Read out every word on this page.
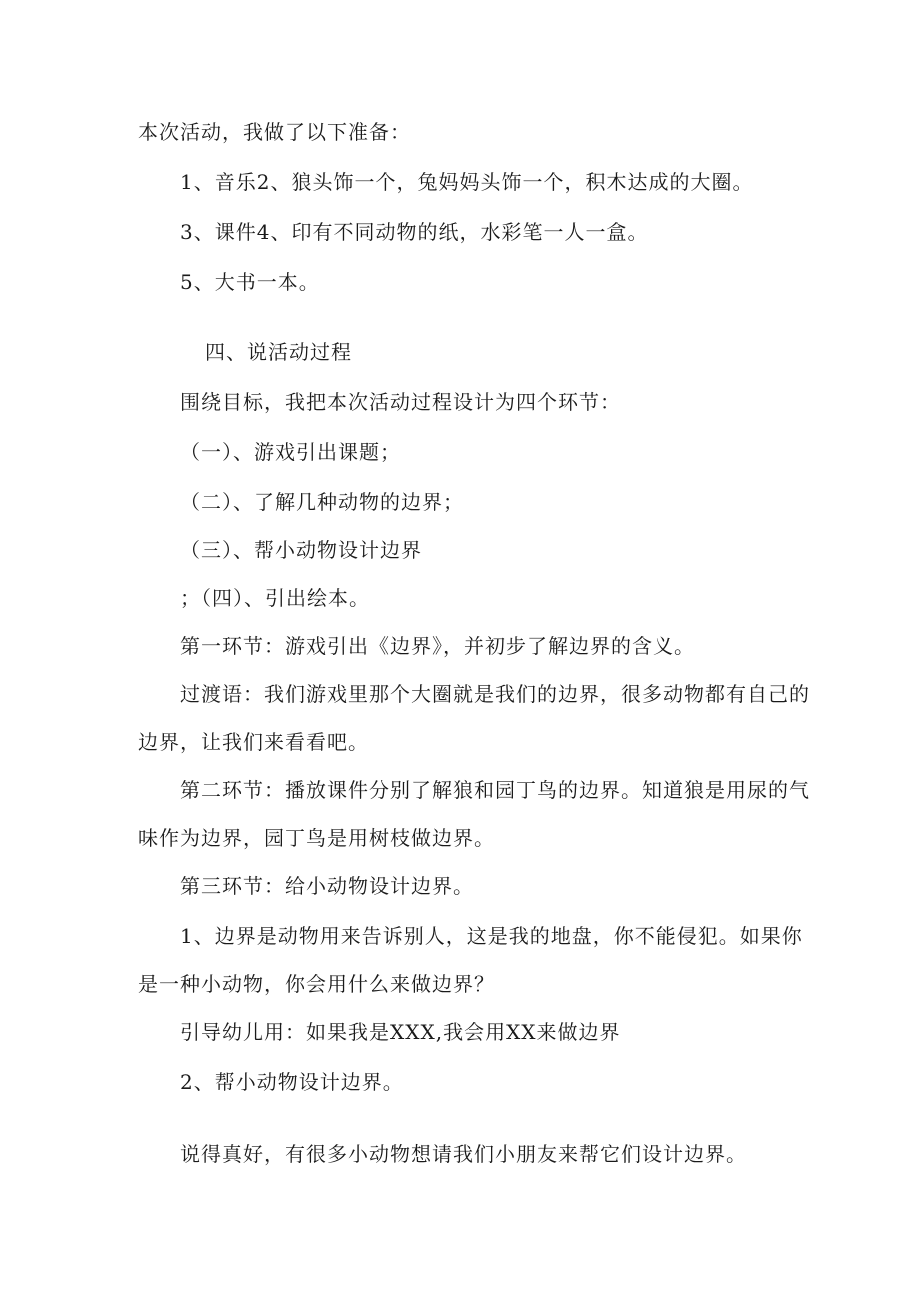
本次活动，我做了以下准备：

1、音乐2、狼头饰一个，兔妈妈头饰一个，积木达成的大圈。

3、课件4、印有不同动物的纸，水彩笔一人一盒。

5、大书一本。

四、说活动过程

围绕目标，我把本次活动过程设计为四个环节：

（一）、游戏引出课题；

（二）、了解几种动物的边界；

（三）、帮小动物设计边界

；（四）、引出绘本。

第一环节：游戏引出《边界》，并初步了解边界的含义。

过渡语：我们游戏里那个大圈就是我们的边界，很多动物都有自己的

边界，让我们来看看吧。

第二环节：播放课件分别了解狼和园丁鸟的边界。知道狼是用尿的气

味作为边界，园丁鸟是用树枝做边界。

第三环节：给小动物设计边界。

1、边界是动物用来告诉别人，这是我的地盘，你不能侵犯。如果你

是一种小动物，你会用什么来做边界？

引导幼儿用：如果我是XXX,我会用XX来做边界

2、帮小动物设计边界。

说得真好，有很多小动物想请我们小朋友来帮它们设计边界。
